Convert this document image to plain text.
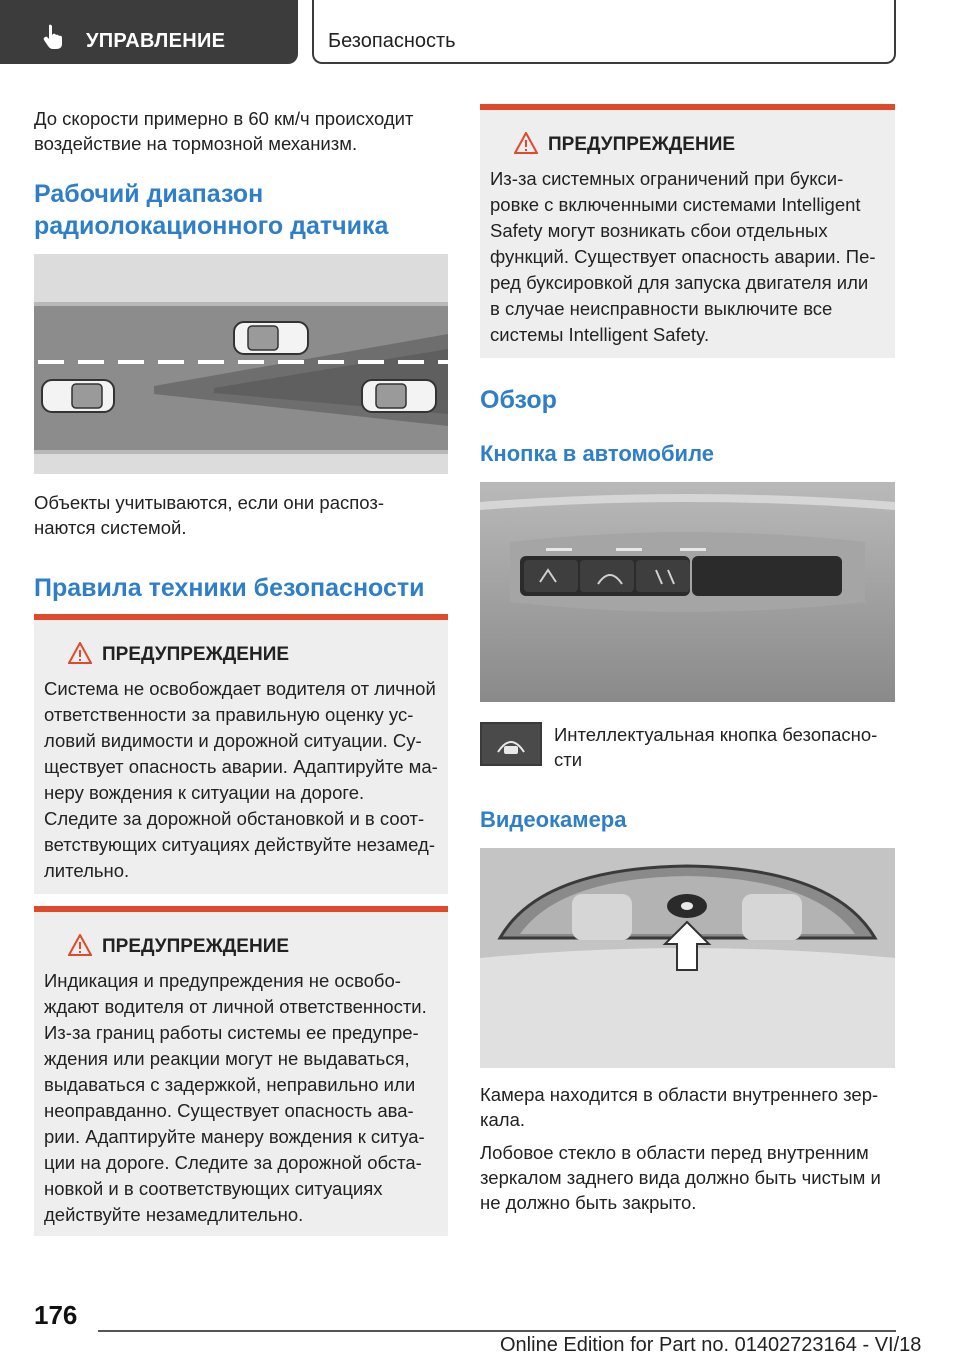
УПРАВЛЕНИЕ	Безопасность
До скорости примерно в 60 км/ч происходит
воздействие на тормозной механизм.
Рабочий диапазон
радиолокационного датчика
Объекты учитываются, если они распоз-
наются системой.
Правила техники безопасности
ПРЕДУПРЕЖДЕНИЕ
Система не освобождает водителя от личной
ответственности за правильную оценку ус-
ловий видимости и дорожной ситуации. Су-
ществует опасность аварии. Адаптируйте ма-
неру вождения к ситуации на дороге.
Следите за дорожной обстановкой и в соот-
ветствующих ситуациях действуйте незамед-
лительно.
ПРЕДУПРЕЖДЕНИЕ
Индикация и предупреждения не освобо-
ждают водителя от личной ответственности.
Из-за границ работы системы ее предупре-
ждения или реакции могут не выдаваться,
выдаваться с задержкой, неправильно или
неоправданно. Существует опасность ава-
рии. Адаптируйте манеру вождения к ситуа-
ции на дороге. Следите за дорожной обста-
новкой и в соответствующих ситуациях
действуйте незамедлительно.
ПРЕДУПРЕЖДЕНИЕ
Из-за системных ограничений при букси-
ровке с включенными системами Intelligent
Safety могут возникать сбои отдельных
функций. Существует опасность аварии. Пе-
ред буксировкой для запуска двигателя или
в случае неисправности выключите все
системы Intelligent Safety.
Обзор
Кнопка в автомобиле
Интеллектуальная кнопка безопасно-
сти
Видеокамера
Камера находится в области внутреннего зер-
кала.
Лобовое стекло в области перед внутренним
зеркалом заднего вида должно быть чистым и
не должно быть закрыто.
176
Online Edition for Part no. 01402723164 - VI/18
